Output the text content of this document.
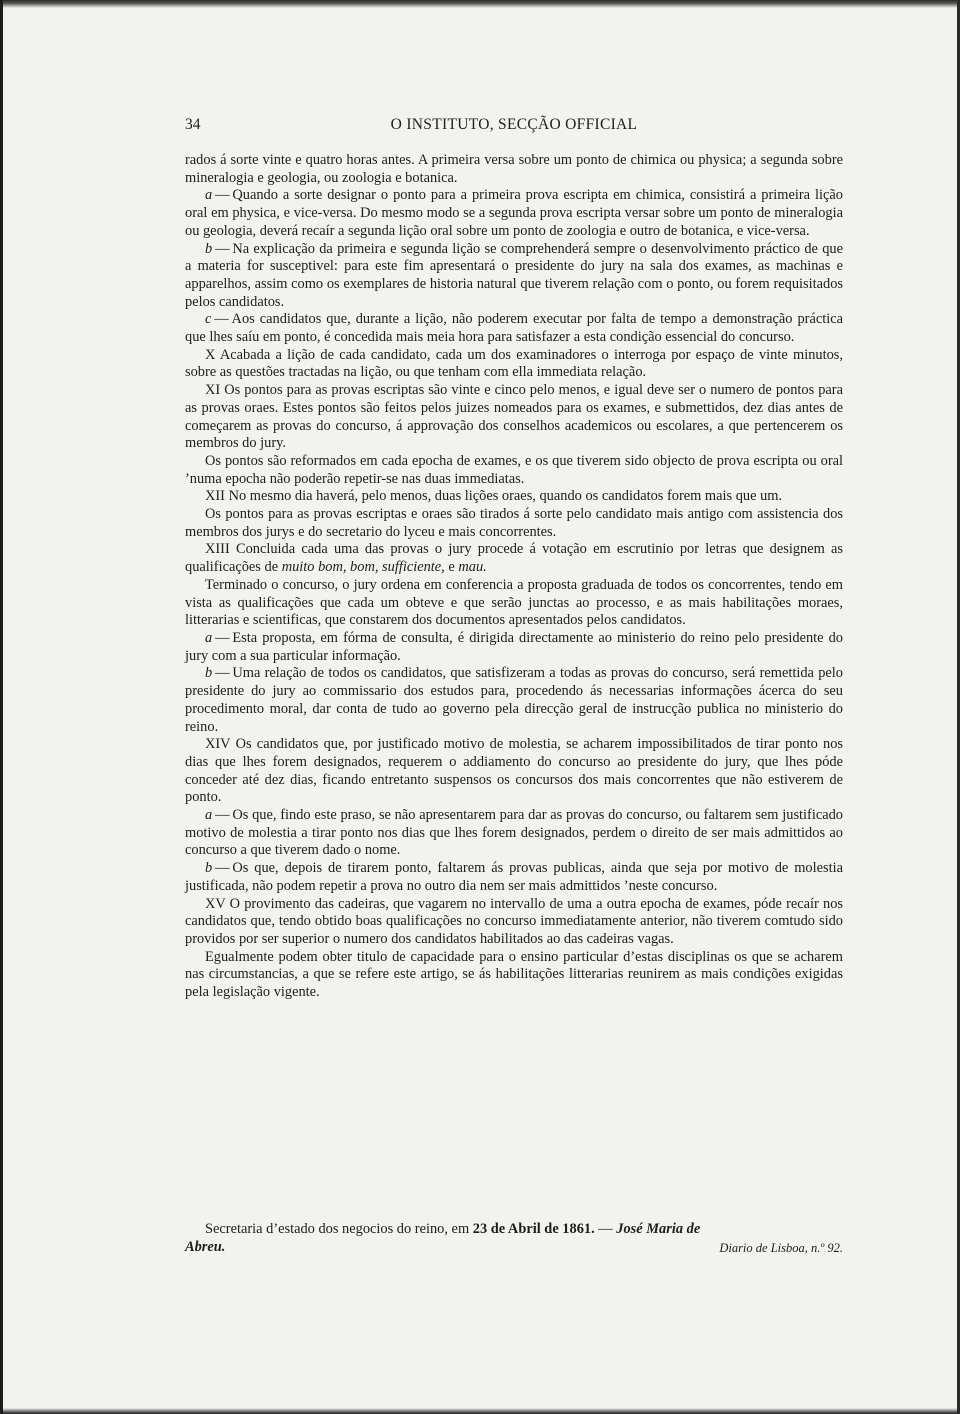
34	O INSTITUTO, SECÇÃO OFFICIAL

rados á sorte vinte e quatro horas antes. A primeira versa sobre um ponto de chimica ou physica; a segunda sobre mineralogia e geologia, ou zoologia e botanica.

a — Quando a sorte designar o ponto para a primeira prova escripta em chimica, consistirá a primeira lição oral em physica, e vice-versa. Do mesmo modo se a segunda prova escripta versar sobre um ponto de mineralogia ou geologia, deverá recaír a segunda lição oral sobre um ponto de zoologia e outro de botanica, e vice-versa.

b — Na explicação da primeira e segunda lição se comprehenderá sempre o desenvolvimento práctico de que a materia for susceptivel: para este fim apresentará o presidente do jury na sala dos exames, as machinas e apparelhos, assim como os exemplares de historia natural que tiverem relação com o ponto, ou forem requisitados pelos candidatos.

c — Aos candidatos que, durante a lição, não poderem executar por falta de tempo a demonstração práctica que lhes saíu em ponto, é concedida mais meia hora para satisfazer a esta condição essencial do concurso.

X Acabada a lição de cada candidato, cada um dos examinadores o interroga por espaço de vinte minutos, sobre as questões tractadas na lição, ou que tenham com ella immediata relação.

XI Os pontos para as provas escriptas são vinte e cinco pelo menos, e igual deve ser o numero de pontos para as provas oraes. Estes pontos são feitos pelos juizes nomeados para os exames, e submettidos, dez dias antes de começarem as provas do concurso, á approvação dos conselhos academicos ou escolares, a que pertencerem os membros do jury.

Os pontos são reformados em cada epocha de exames, e os que tiverem sido objecto de prova escripta ou oral ’numa epocha não poderão repetir-se nas duas immediatas.

XII No mesmo dia haverá, pelo menos, duas lições oraes, quando os candidatos forem mais que um.

Os pontos para as provas escriptas e oraes são tirados á sorte pelo candidato mais antigo com assistencia dos membros dos jurys e do secretario do lyceu e mais concorrentes.

XIII Concluida cada uma das provas o jury procede á votação em escrutinio por letras que designem as qualificações de muito bom, bom, sufficiente, e mau.

Terminado o concurso, o jury ordena em conferencia a proposta graduada de todos os concorrentes, tendo em vista as qualificações que cada um obteve e que serão junctas ao processo, e as mais habilitações moraes, litterarias e scientificas, que constarem dos documentos apresentados pelos candidatos.

a — Esta proposta, em fórma de consulta, é dirigida directamente ao ministerio do reino pelo presidente do jury com a sua particular informação.

b — Uma relação de todos os candidatos, que satisfizeram a todas as provas do concurso, será remettida pelo presidente do jury ao commissario dos estudos para, procedendo ás necessarias informações ácerca do seu procedimento moral, dar conta de tudo ao governo pela direcção geral de instrucção publica no ministerio do reino.

XIV Os candidatos que, por justificado motivo de molestia, se acharem impossibilitados de tirar ponto nos dias que lhes forem designados, requerem o addiamento do concurso ao presidente do jury, que lhes póde conceder até dez dias, ficando entretanto suspensos os concursos dos mais concorrentes que não estiverem de ponto.

a — Os que, findo este praso, se não apresentarem para dar as provas do concurso, ou faltarem sem justificado motivo de molestia a tirar ponto nos dias que lhes forem designados, perdem o direito de ser mais admittidos ao concurso a que tiverem dado o nome.

b — Os que, depois de tirarem ponto, faltarem ás provas publicas, ainda que seja por motivo de molestia justificada, não podem repetir a prova no outro dia nem ser mais admittidos ’neste concurso.

XV O provimento das cadeiras, que vagarem no intervallo de uma a outra epocha de exames, póde recaír nos candidatos que, tendo obtido boas qualificações no concurso immediatamente anterior, não tiverem comtudo sido providos por ser superior o numero dos candidatos habilitados ao das cadeiras vagas.

Egualmente podem obter titulo de capacidade para o ensino particular d’estas disciplinas os que se acharem nas circumstancias, a que se refere este artigo, se ás habilitações litterarias reunirem as mais condições exigidas pela legislação vigente.

Secretaria d’estado dos negocios do reino, em 23 de Abril de 1861. — José Maria de
Abreu.	Diario de Lisboa, n.º 92.
